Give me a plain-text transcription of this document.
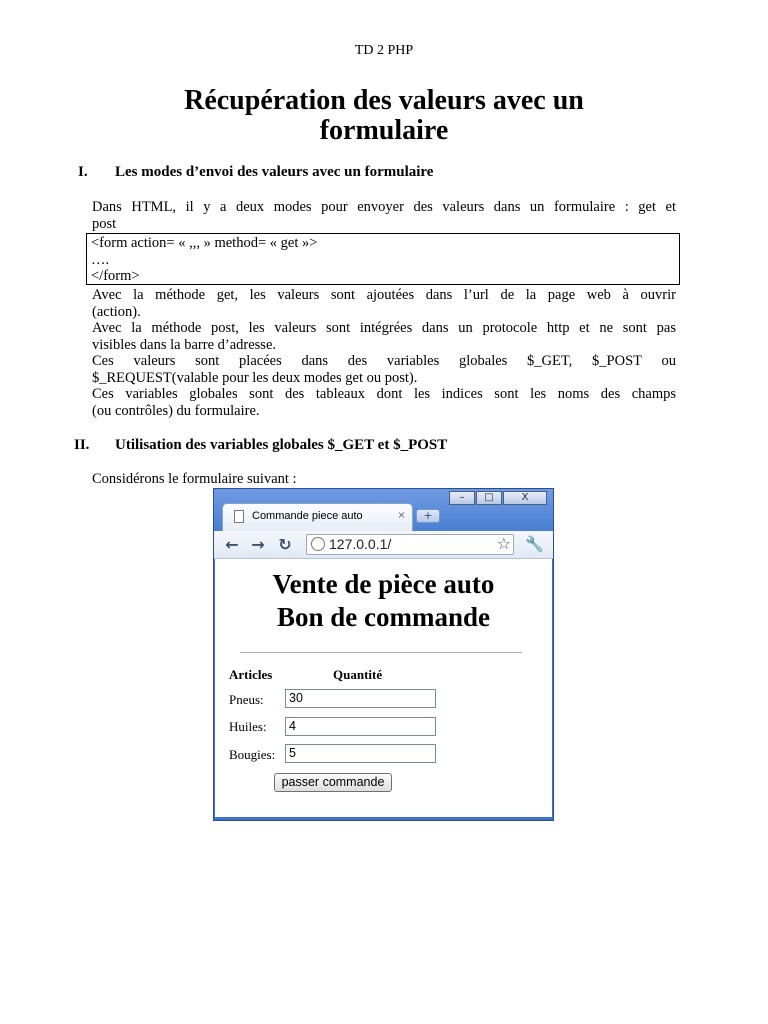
TD 2 PHP
Récupération des valeurs avec un
formulaire
I. Les modes d’envoi des valeurs avec un formulaire
Dans HTML, il y a deux modes pour envoyer des valeurs dans un formulaire : get et
post
<form action= « ,,, » method= « get »>
….
</form>
Avec la méthode get, les valeurs sont ajoutées dans l’url de la page web à ouvrir
(action).
Avec la méthode post, les valeurs sont intégrées dans un protocole http et ne sont pas
visibles dans la barre d’adresse.
Ces valeurs sont placées dans des variables globales $_GET, $_POST ou
$_REQUEST(valable pour les deux modes get ou post).
Ces variables globales sont des tableaux dont les indices sont les noms des champs
(ou contrôles) du formulaire.
II. Utilisation des variables globales $_GET et $_POST
Considérons le formulaire suivant :
–	□	X
Commande piece auto	×	+
← → ↻	127.0.0.1/	☆ 🔧
Vente de pièce auto
Bon de commande
Articles	Quantité
Pneus:	30
Huiles:	4
Bougies:	5
passer commande
